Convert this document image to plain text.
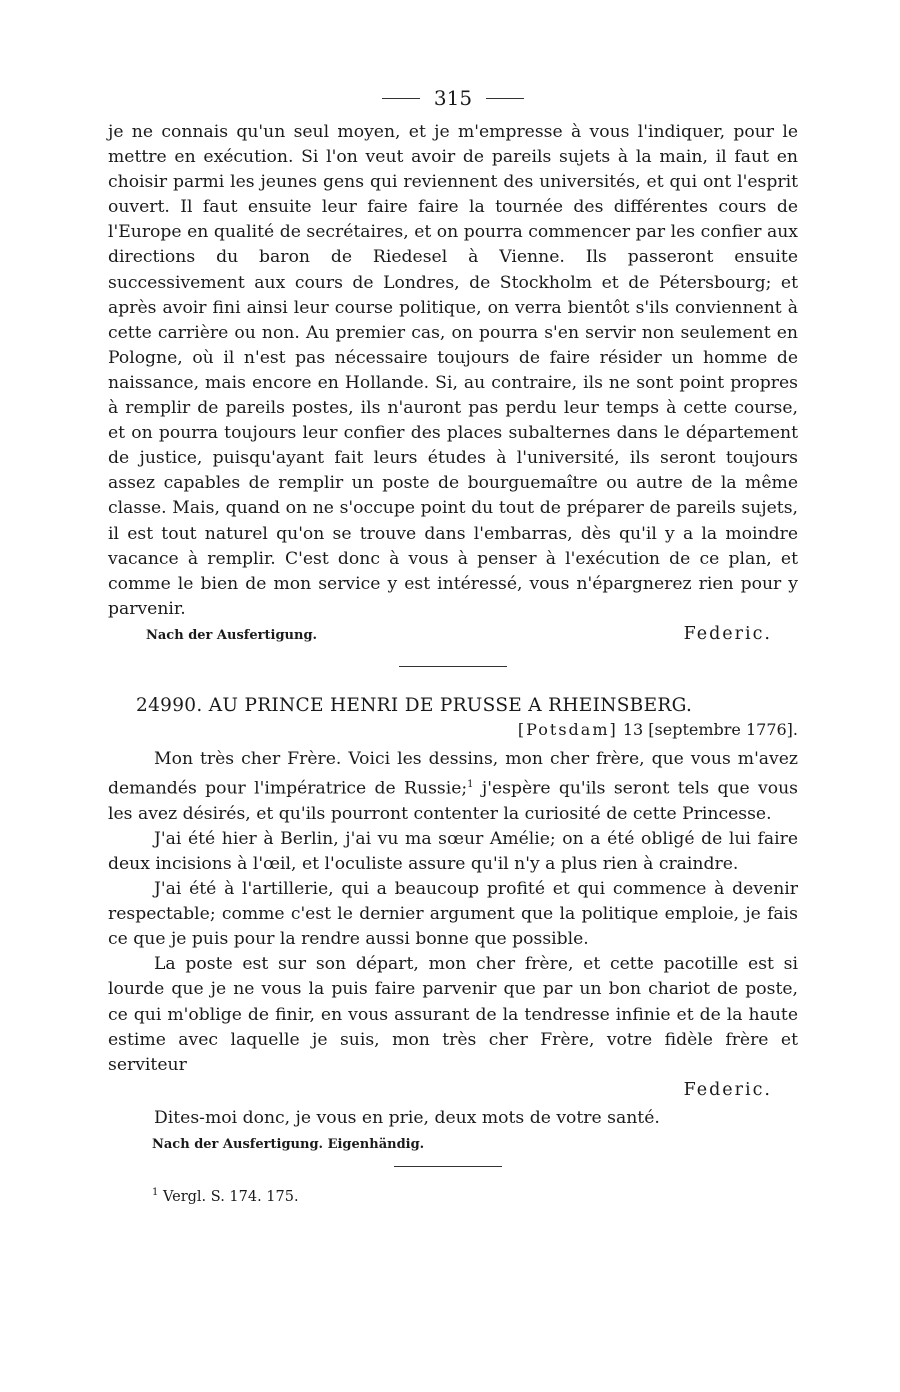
315

je ne connais qu'un seul moyen, et je m'empresse à vous l'indiquer, pour le mettre en exécution. Si l'on veut avoir de pareils sujets à la main, il faut en choisir parmi les jeunes gens qui reviennent des universités, et qui ont l'esprit ouvert. Il faut ensuite leur faire faire la tournée des différentes cours de l'Europe en qualité de secrétaires, et on pourra commencer par les confier aux directions du baron de Riedesel à Vienne. Ils passeront ensuite successivement aux cours de Londres, de Stockholm et de Pétersbourg; et après avoir fini ainsi leur course politique, on verra bientôt s'ils conviennent à cette carrière ou non. Au premier cas, on pourra s'en servir non seulement en Pologne, où il n'est pas nécessaire toujours de faire résider un homme de naissance, mais encore en Hollande. Si, au contraire, ils ne sont point propres à remplir de pareils postes, ils n'auront pas perdu leur temps à cette course, et on pourra toujours leur confier des places subalternes dans le département de justice, puisqu'ayant fait leurs études à l'université, ils seront toujours assez capables de remplir un poste de bourguemaître ou autre de la même classe. Mais, quand on ne s'occupe point du tout de préparer de pareils sujets, il est tout naturel qu'on se trouve dans l'embarras, dès qu'il y a la moindre vacance à remplir. C'est donc à vous à penser à l'exécution de ce plan, et comme le bien de mon service y est intéressé, vous n'épargnerez rien pour y parvenir.

Nach der Ausfertigung.	Federic.
24990. AU PRINCE HENRI DE PRUSSE A RHEINSBERG.
[Potsdam] 13 [septembre 1776].

Mon très cher Frère. Voici les dessins, mon cher frère, que vous m'avez demandés pour l'impératrice de Russie;$^1$ j'espère qu'ils seront tels que vous les avez désirés, et qu'ils pourront contenter la curiosité de cette Princesse.

J'ai été hier à Berlin, j'ai vu ma sœur Amélie; on a été obligé de lui faire deux incisions à l'œil, et l'oculiste assure qu'il n'y a plus rien à craindre.

J'ai été à l'artillerie, qui a beaucoup profité et qui commence à devenir respectable; comme c'est le dernier argument que la politique emploie, je fais ce que je puis pour la rendre aussi bonne que possible.

La poste est sur son départ, mon cher frère, et cette pacotille est si lourde que je ne vous la puis faire parvenir que par un bon chariot de poste, ce qui m'oblige de finir, en vous assurant de la tendresse infinie et de la haute estime avec laquelle je suis, mon très cher Frère, votre fidèle frère et serviteur

Federic.
Dites-moi donc, je vous en prie, deux mots de votre santé.
Nach der Ausfertigung. Eigenhändig.
$^1$ Vergl. S. 174. 175.
